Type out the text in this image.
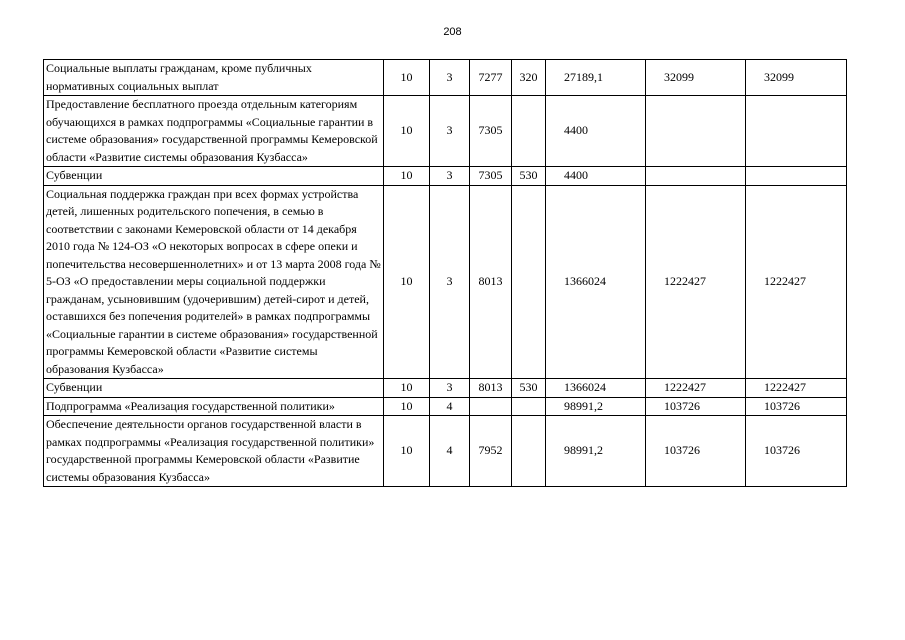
208
Социальные выплаты гражданам, кроме публичных нормативных социальных выплат	10	3	7277	320	27189,1	32099	32099
Предоставление бесплатного проезда отдельным категориям обучающихся в рамках подпрограммы «Социальные гарантии в системе образования» государственной программы Кемеровской области «Развитие системы образования Кузбасса»	10	3	7305		4400		
Субвенции	10	3	7305	530	4400		
Социальная поддержка граждан при всех формах устройства детей, лишенных родительского попечения, в семью в соответствии с законами Кемеровской области от 14 декабря 2010 года № 124-ОЗ «О некоторых вопросах в сфере опеки и попечительства несовершеннолетних» и от 13 марта 2008 года № 5-ОЗ «О предоставлении меры социальной поддержки гражданам, усыновившим (удочерившим) детей-сирот и детей, оставшихся без попечения родителей» в рамках подпрограммы «Социальные гарантии в системе образования» государственной программы Кемеровской области «Развитие системы образования Кузбасса»	10	3	8013		1366024	1222427	1222427
Субвенции	10	3	8013	530	1366024	1222427	1222427
Подпрограмма «Реализация государственной политики»	10	4			98991,2	103726	103726
Обеспечение деятельности органов государственной власти в рамках подпрограммы «Реализация государственной политики» государственной программы Кемеровской области «Развитие системы образования Кузбасса»	10	4	7952		98991,2	103726	103726
